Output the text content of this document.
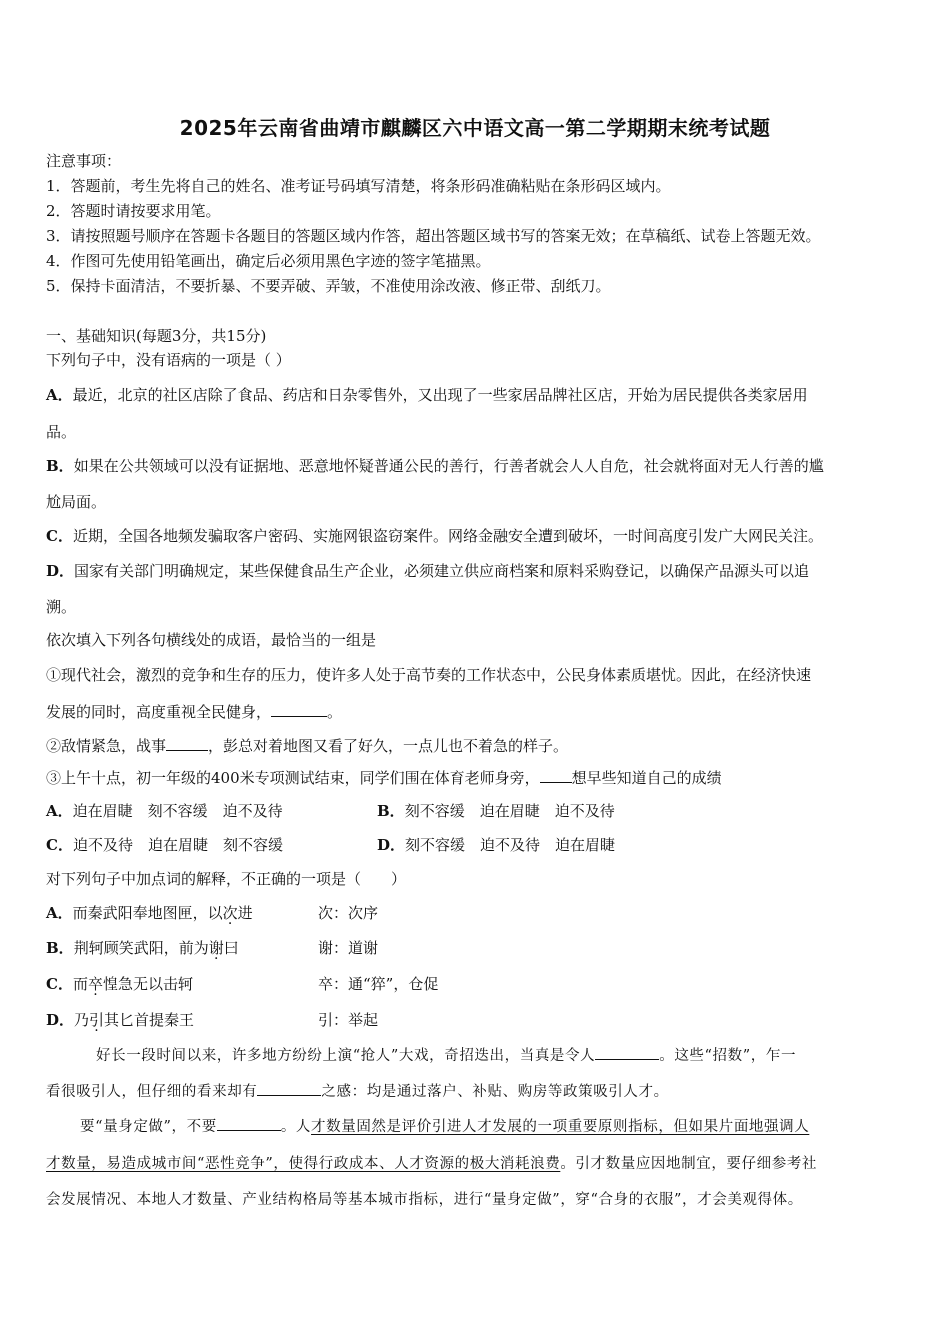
2025年云南省曲靖市麒麟区六中语文高一第二学期期末统考试题
注意事项：
1．答题前，考生先将自己的姓名、准考证号码填写清楚，将条形码准确粘贴在条形码区域内。
2．答题时请按要求用笔。
3．请按照题号顺序在答题卡各题目的答题区域内作答，超出答题区域书写的答案无效；在草稿纸、试卷上答题无效。
4．作图可先使用铅笔画出，确定后必须用黑色字迹的签字笔描黑。
5．保持卡面清洁，不要折暴、不要弄破、弄皱，不准使用涂改液、修正带、刮纸刀。
一、基础知识(每题3分，共15分)
下列句子中，没有语病的一项是（ ）
A．最近，北京的社区店除了食品、药店和日杂零售外，又出现了一些家居品牌社区店，开始为居民提供各类家居用
品。
B．如果在公共领域可以没有证据地、恶意地怀疑普通公民的善行，行善者就会人人自危，社会就将面对无人行善的尴
尬局面。
C．近期，全国各地频发骗取客户密码、实施网银盗窃案件。网络金融安全遭到破坏，一时间高度引发广大网民关注。
D．国家有关部门明确规定，某些保健食品生产企业，必须建立供应商档案和原料采购登记，以确保产品源头可以追
溯。
依次填入下列各句横线处的成语，最恰当的一组是
①现代社会，激烈的竞争和生存的压力，使许多人处于高节奏的工作状态中，公民身体素质堪忧。因此，在经济快速
发展的同时，高度重视全民健身，	。
②敌情紧急，战事	，彭总对着地图又看了好久，一点儿也不着急的样子。
③上午十点，初一年级的400米专项测试结束，同学们围在体育老师身旁， 想早些知道自己的成绩
A．迫在眉睫　刻不容缓　迫不及待	B．刻不容缓　迫在眉睫　迫不及待
C．迫不及待　迫在眉睫　刻不容缓	D．刻不容缓　迫不及待　迫在眉睫
对下列句子中加点词的解释，不正确的一项是（　　）
A．而秦武阳奉地图匣，以次进	次：次序
B．荆轲顾笑武阳，前为谢曰	谢：道谢
C．而卒惶急无以击轲	卒：通“猝”，仓促
D．乃引其匕首提秦王	引：举起
好长一段时间以来，许多地方纷纷上演“抢人”大戏，奇招迭出，当真是令人	。这些“招数”，乍一
看很吸引人，但仔细的看来却有	之感：均是通过落户、补贴、购房等政策吸引人才。
要“量身定做”，不要	。人才数量固然是评价引进人才发展的一项重要原则指标，但如果片面地强调人
才数量，易造成城市间“恶性竞争”，使得行政成本、人才资源的极大消耗浪费。引才数量应因地制宜，要仔细参考社
会发展情况、本地人才数量、产业结构格局等基本城市指标，进行“量身定做”，穿“合身的衣服”，才会美观得体。
